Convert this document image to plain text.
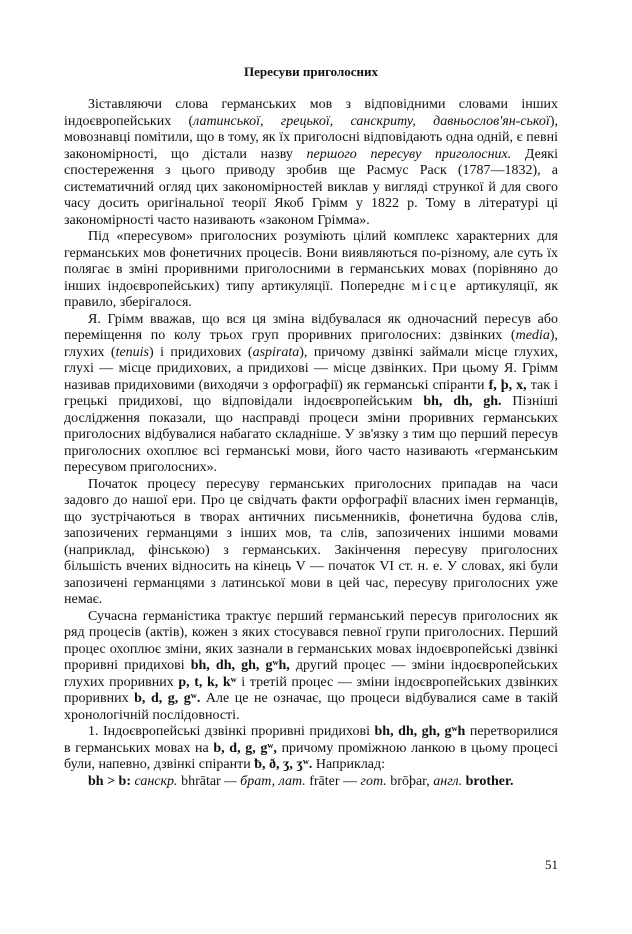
Пересуви приголосних

Зіставляючи слова германських мов з відповідними словами інших індоєвропейських (латинської, грецької, санскриту, давньослов'ян-ської), мовознавці помітили, що в тому, як їх приголосні відповідають одна одній, є певні закономірності, що дістали назву першого пересуву приголосних. Деякі спостереження з цього приводу зробив ще Расмус Раск (1787—1832), а систематичний огляд цих закономірностей виклав у вигляді стрункої й для свого часу досить оригінальної теорії Якоб Грімм у 1822 р. Тому в літературі ці закономірності часто називають «законом Грімма».

Під «пересувом» приголосних розуміють цілий комплекс характерних для германських мов фонетичних процесів. Вони виявляються по-різному, але суть їх полягає в зміні проривними приголосними в германських мовах (порівняно до інших індоєвропейських) типу артикуляції. Попереднє місце артикуляції, як правило, зберігалося.

Я. Грімм вважав, що вся ця зміна відбувалася як одночасний пересув або переміщення по колу трьох груп проривних приголосних: дзвінких (media), глухих (tenuis) і придихових (aspirata), причому дзвінкі займали місце глухих, глухі — місце придихових, а придихові — місце дзвінких. При цьому Я. Грімм називав придиховими (виходячи з орфографії) як германські спіранти f, þ, x, так і грецькі придихові, що відповідали індоєвропейським bh, dh, gh. Пізніші дослідження показали, що насправді процеси зміни проривних германських приголосних відбувалися набагато складніше. У зв'язку з тим що перший пересув приголосних охоплює всі германські мови, його часто називають «германським пересувом приголосних».

Початок процесу пересуву германських приголосних припадав на часи задовго до нашої ери. Про це свідчать факти орфографії власних імен германців, що зустрічаються в творах античних письменників, фонетична будова слів, запозичених германцями з інших мов, та слів, запозичених іншими мовами (наприклад, фінською) з германських. Закінчення пересуву приголосних більшість вчених відносить на кінець V — початок VI ст. н. е. У словах, які були запозичені германцями з латинської мови в цей час, пересуву приголосних уже немає.

Сучасна германістика трактує перший германський пересув приголосних як ряд процесів (актів), кожен з яких стосувався певної групи приголосних. Перший процес охоплює зміни, яких зазнали в германських мовах індоєвропейські дзвінкі проривні придихові bh, dh, gh, gʷh, другий процес — зміни індоєвропейських глухих проривних p, t, k, kʷ і третій процес — зміни індоєвропейських дзвінких проривних b, d, g, gʷ. Але це не означає, що процеси відбувалися саме в такій хронологічній послідовності.

1. Індоєвропейські дзвінкі проривні придихові bh, dh, gh, gʷh перетворилися в германських мовах на b, d, g, gʷ, причому проміжною ланкою в цьому процесі були, напевно, дзвінкі спіранти ƀ, ð, ʒ, ʒʷ. Наприклад:

bh > b: санскр. bhrātar — брат, лат. frāter — гот. brōþar, англ. brother.

51
